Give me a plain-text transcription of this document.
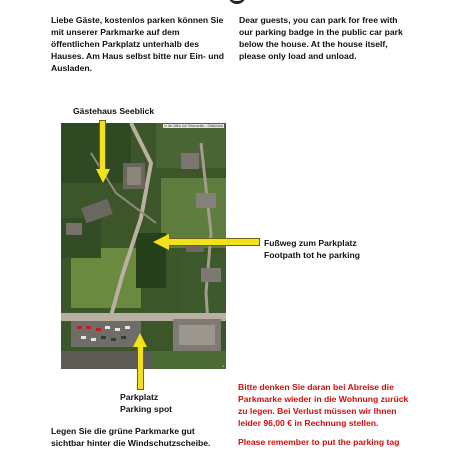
Liebe Gäste, kostenlos parken können Sie mit unserer Parkmarke auf dem öffentlichen Parkplatz unterhalb des Hauses. Am Haus selbst bitte nur Ein- und Ausladen.
Dear guests, you can park for free with our parking badge in the public car park below the house. At the house itself, please only load and unload.
Gästehaus Seeblick
In der Nähe von Simonsrath – Gästehaus
1
Fußweg zum Parkplatz
Footpath tot he parking
Parkplatz
Parking spot
Legen Sie die grüne Parkmarke gut sichtbar hinter die Windschutzscheibe.
Bitte denken Sie daran bei Abreise die Parkmarke wieder in die Wohnung zurück zu legen. Bei Verlust müssen wir Ihnen leider 96,00 € in Rechnung stellen.
Please remember to put the parking tag
